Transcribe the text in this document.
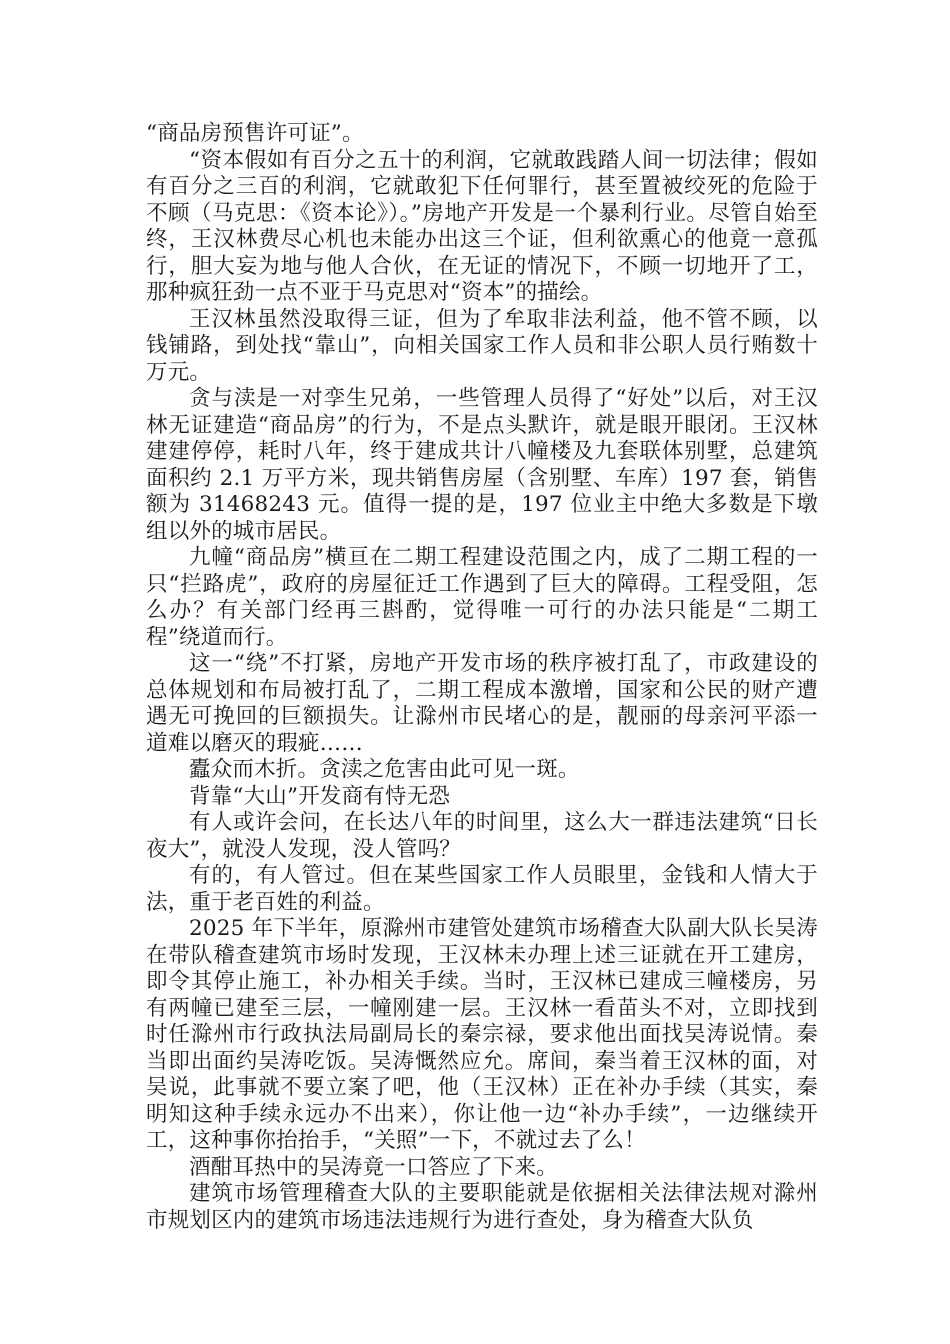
“商品房预售许可证”。

“资本假如有百分之五十的利润，它就敢践踏人间一切法律；假如有百分之三百的利润，它就敢犯下任何罪行，甚至置被绞死的危险于不顾（马克思：《资本论》）。”房地产开发是一个暴利行业。尽管自始至终，王汉林费尽心机也未能办出这三个证，但利欲熏心的他竟一意孤行，胆大妄为地与他人合伙，在无证的情况下，不顾一切地开了工，那种疯狂劲一点不亚于马克思对“资本”的描绘。

王汉林虽然没取得三证，但为了牟取非法利益，他不管不顾，以钱铺路，到处找“靠山”，向相关国家工作人员和非公职人员行贿数十万元。

贪与渎是一对孪生兄弟，一些管理人员得了“好处”以后，对王汉林无证建造“商品房”的行为，不是点头默许，就是眼开眼闭。王汉林建建停停，耗时八年，终于建成共计八幢楼及九套联体别墅，总建筑面积约 2.1 万平方米，现共销售房屋（含别墅、车库）197 套，销售额为 31468243 元。值得一提的是，197 位业主中绝大多数是下墩组以外的城市居民。

九幢“商品房”横亘在二期工程建设范围之内，成了二期工程的一只“拦路虎”，政府的房屋征迁工作遇到了巨大的障碍。工程受阻，怎么办？有关部门经再三斟酌，觉得唯一可行的办法只能是“二期工程”绕道而行。

这一“绕”不打紧，房地产开发市场的秩序被打乱了，市政建设的总体规划和布局被打乱了，二期工程成本激增，国家和公民的财产遭遇无可挽回的巨额损失。让滁州市民堵心的是，靓丽的母亲河平添一道难以磨灭的瑕疵……

蠹众而木折。贪渎之危害由此可见一斑。

背靠“大山”开发商有恃无恐

有人或许会问，在长达八年的时间里，这么大一群违法建筑“日长夜大”，就没人发现，没人管吗？

有的，有人管过。但在某些国家工作人员眼里，金钱和人情大于法，重于老百姓的利益。

2025 年下半年，原滁州市建管处建筑市场稽查大队副大队长吴涛在带队稽查建筑市场时发现，王汉林未办理上述三证就在开工建房，即令其停止施工，补办相关手续。当时，王汉林已建成三幢楼房，另有两幢已建至三层，一幢刚建一层。王汉林一看苗头不对，立即找到时任滁州市行政执法局副局长的秦宗禄，要求他出面找吴涛说情。秦当即出面约吴涛吃饭。吴涛慨然应允。席间，秦当着王汉林的面，对吴说，此事就不要立案了吧，他（王汉林）正在补办手续（其实，秦明知这种手续永远办不出来），你让他一边“补办手续”，一边继续开工，这种事你抬抬手，“关照”一下，不就过去了么！

酒酣耳热中的吴涛竟一口答应了下来。

建筑市场管理稽查大队的主要职能就是依据相关法律法规对滁州市规划区内的建筑市场违法违规行为进行查处，身为稽查大队负
